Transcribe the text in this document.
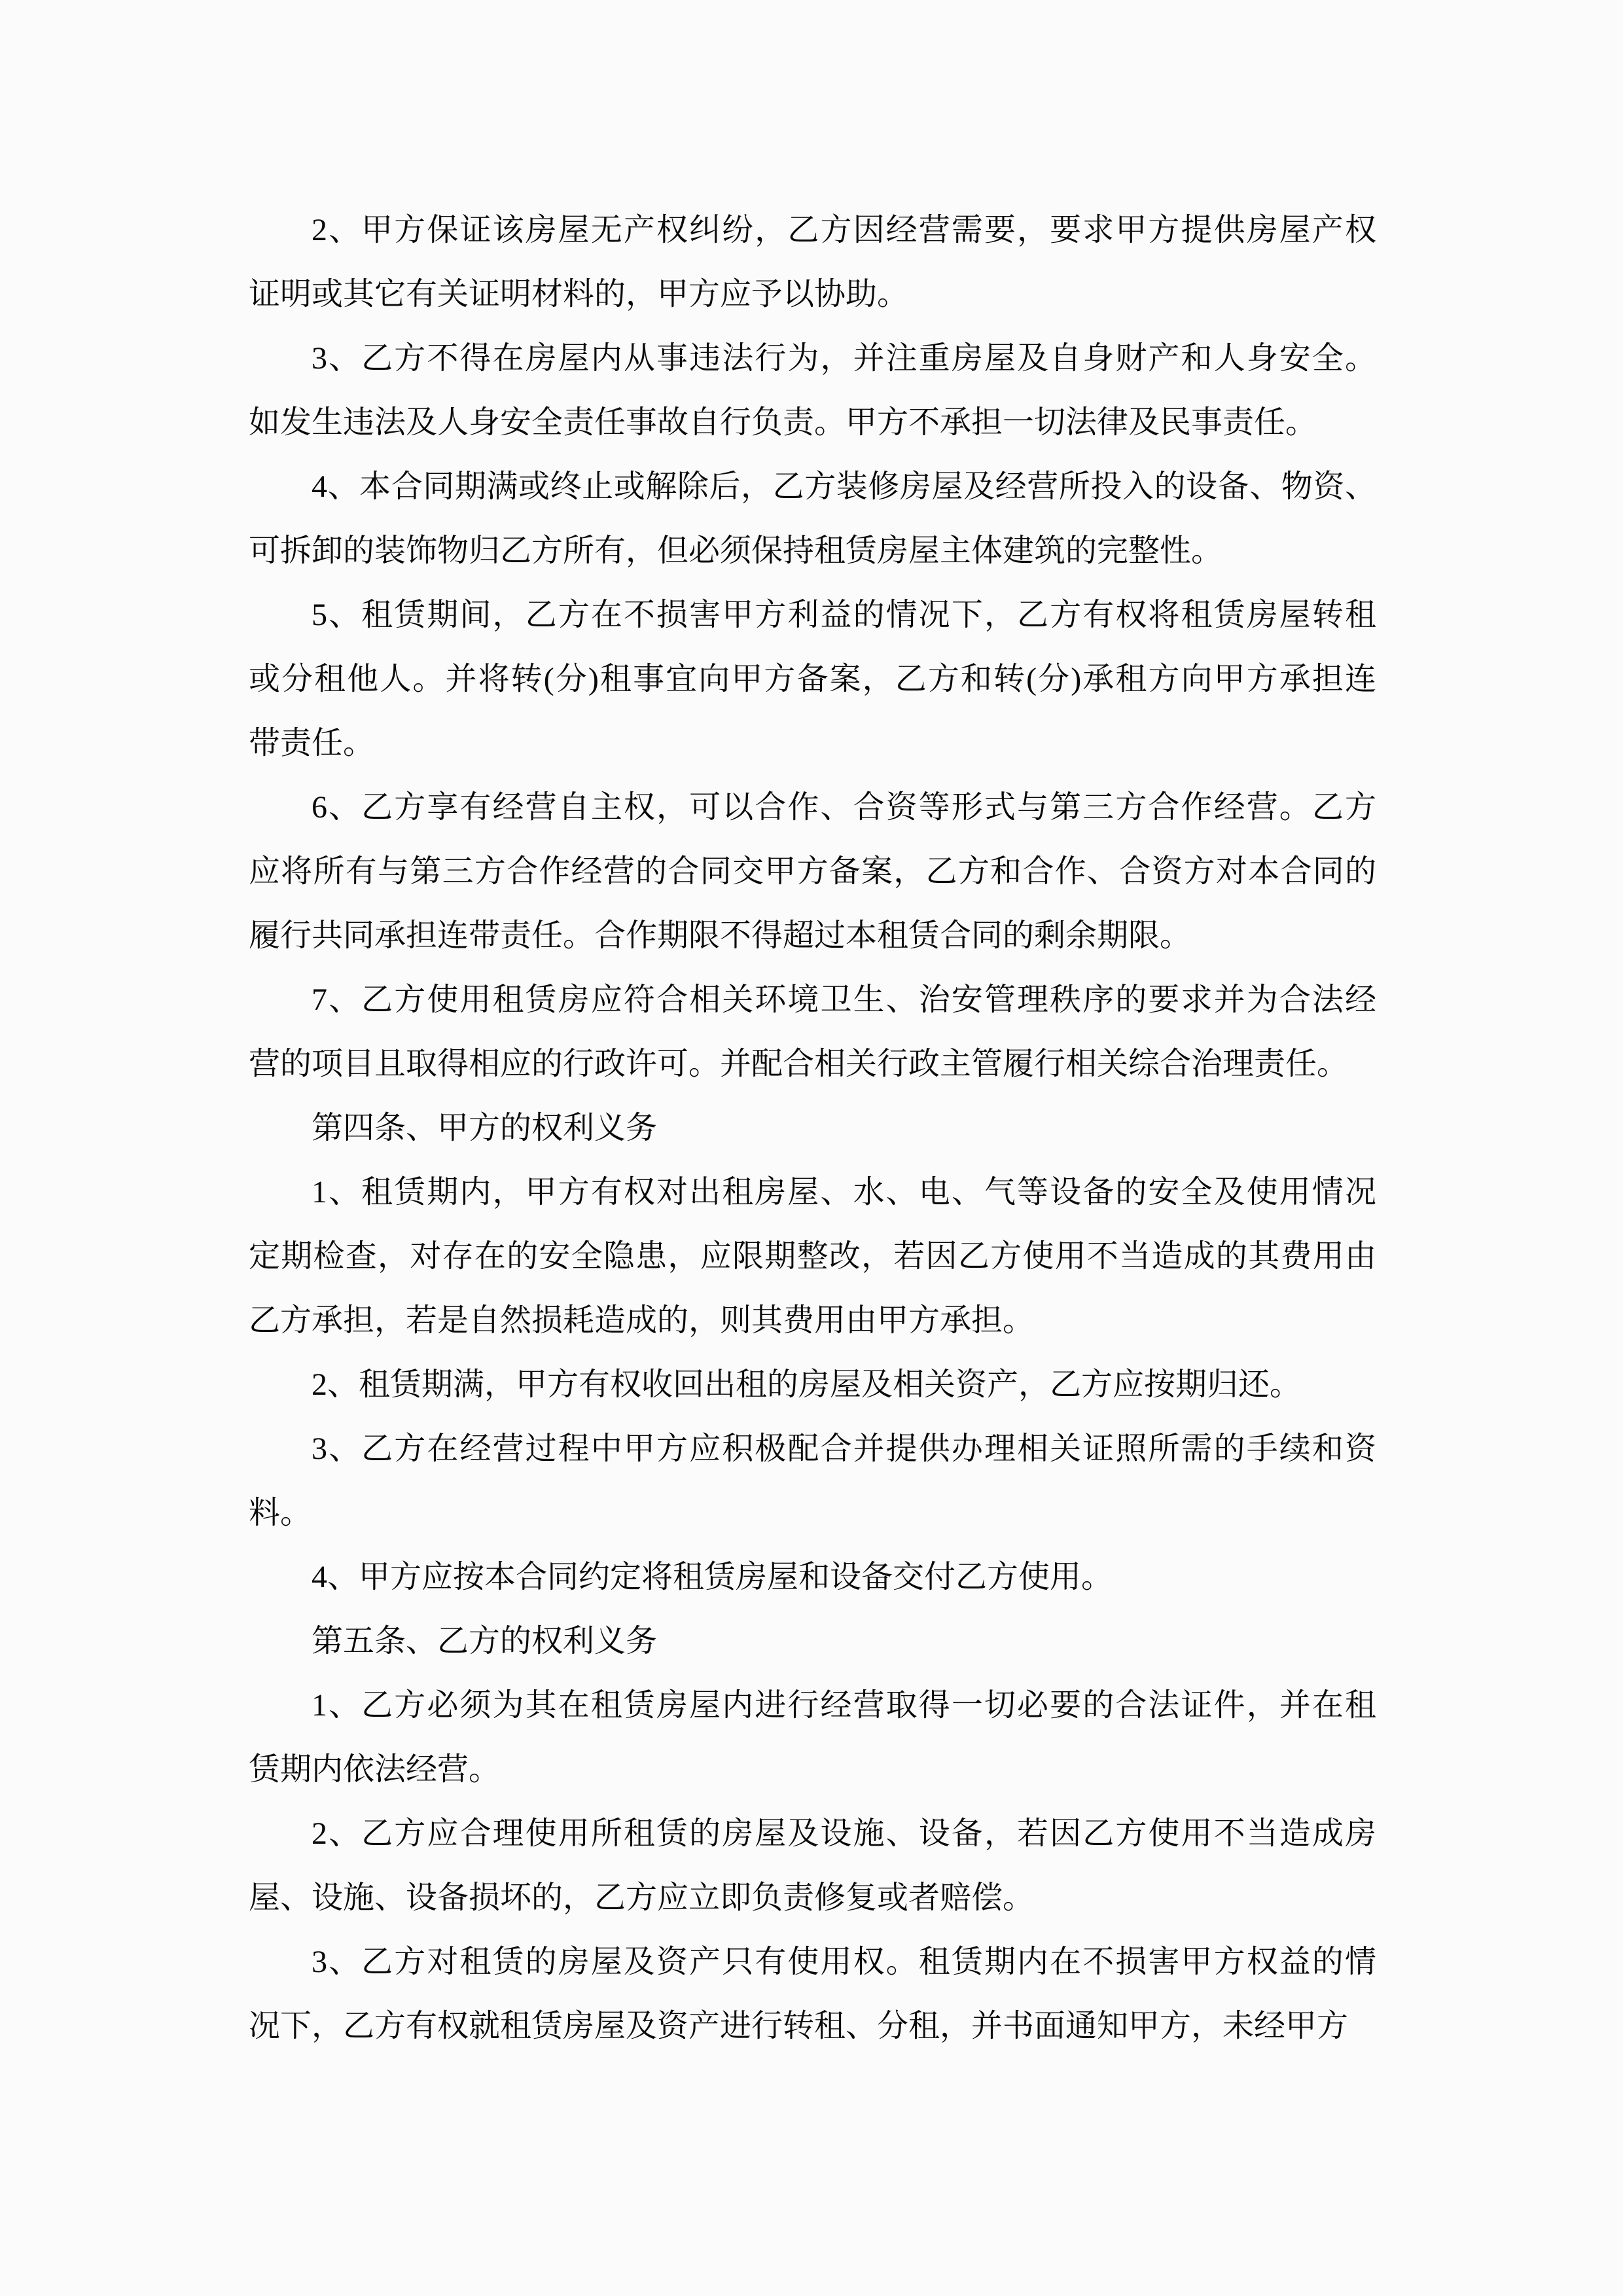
2、甲方保证该房屋无产权纠纷，乙方因经营需要，要求甲方提供房屋产权
证明或其它有关证明材料的，甲方应予以协助。
3、乙方不得在房屋内从事违法行为，并注重房屋及自身财产和人身安全。
如发生违法及人身安全责任事故自行负责。甲方不承担一切法律及民事责任。
4、本合同期满或终止或解除后，乙方装修房屋及经营所投入的设备、物资、
可拆卸的装饰物归乙方所有，但必须保持租赁房屋主体建筑的完整性。
5、租赁期间，乙方在不损害甲方利益的情况下，乙方有权将租赁房屋转租
或分租他人。并将转(分)租事宜向甲方备案，乙方和转(分)承租方向甲方承担连
带责任。
6、乙方享有经营自主权，可以合作、合资等形式与第三方合作经营。乙方
应将所有与第三方合作经营的合同交甲方备案，乙方和合作、合资方对本合同的
履行共同承担连带责任。合作期限不得超过本租赁合同的剩余期限。
7、乙方使用租赁房应符合相关环境卫生、治安管理秩序的要求并为合法经
营的项目且取得相应的行政许可。并配合相关行政主管履行相关综合治理责任。
第四条、甲方的权利义务
1、租赁期内，甲方有权对出租房屋、水、电、气等设备的安全及使用情况
定期检查，对存在的安全隐患，应限期整改，若因乙方使用不当造成的其费用由
乙方承担，若是自然损耗造成的，则其费用由甲方承担。
2、租赁期满，甲方有权收回出租的房屋及相关资产，乙方应按期归还。
3、乙方在经营过程中甲方应积极配合并提供办理相关证照所需的手续和资
料。
4、甲方应按本合同约定将租赁房屋和设备交付乙方使用。
第五条、乙方的权利义务
1、乙方必须为其在租赁房屋内进行经营取得一切必要的合法证件，并在租
赁期内依法经营。
2、乙方应合理使用所租赁的房屋及设施、设备，若因乙方使用不当造成房
屋、设施、设备损坏的，乙方应立即负责修复或者赔偿。
3、乙方对租赁的房屋及资产只有使用权。租赁期内在不损害甲方权益的情
况下，乙方有权就租赁房屋及资产进行转租、分租，并书面通知甲方，未经甲方
